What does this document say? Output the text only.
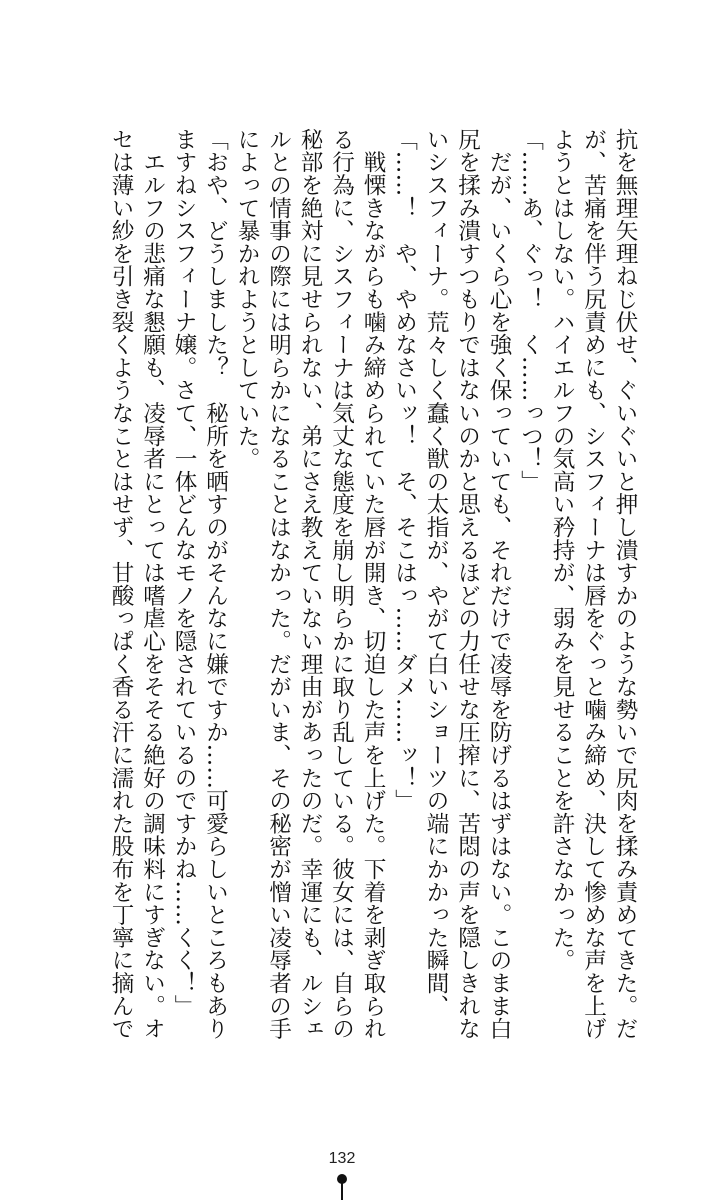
抗を無理矢理ねじ伏せ、ぐいぐいと押し潰すかのような勢いで尻肉を揉み責めてきた。だ
が、苦痛を伴う尻責めにも、シスフィーナは唇をぐっと噛み締め、決して惨めな声を上げ
ようとはしない。ハイエルフの気高い矜持が、弱みを見せることを許さなかった。
「……あ、ぐっ！　く……っつ！」
　だが、いくら心を強く保っていても、それだけで凌辱を防げるはずはない。このまま白
尻を揉み潰すつもりではないのかと思えるほどの力任せな圧搾に、苦悶の声を隠しきれな
いシスフィーナ。荒々しく蠢く獣の太指が、やがて白いショーツの端にかかった瞬間、
「……！　や、やめなさいッ！　そ、そこはっ……ダメ……ッ！」
　戦慄きながらも噛み締められていた唇が開き、切迫した声を上げた。下着を剥ぎ取られ
る行為に、シスフィーナは気丈な態度を崩し明らかに取り乱している。彼女には、自らの
秘部を絶対に見せられない、弟にさえ教えていない理由があったのだ。幸運にも、ルシェ
ルとの情事の際には明らかになることはなかった。だがいま、その秘密が憎い凌辱者の手
によって暴かれようとしていた。
「おや、どうしました？　秘所を晒すのがそんなに嫌ですか……可愛らしいところもあり
ますねシスフィーナ嬢。さて、一体どんなモノを隠されているのですかね……くく！」
　エルフの悲痛な懇願も、凌辱者にとっては嗜虐心をそそる絶好の調味料にすぎない。オ
セは薄い紗を引き裂くようなことはせず、甘酸っぱく香る汗に濡れた股布を丁寧に摘んで
132
